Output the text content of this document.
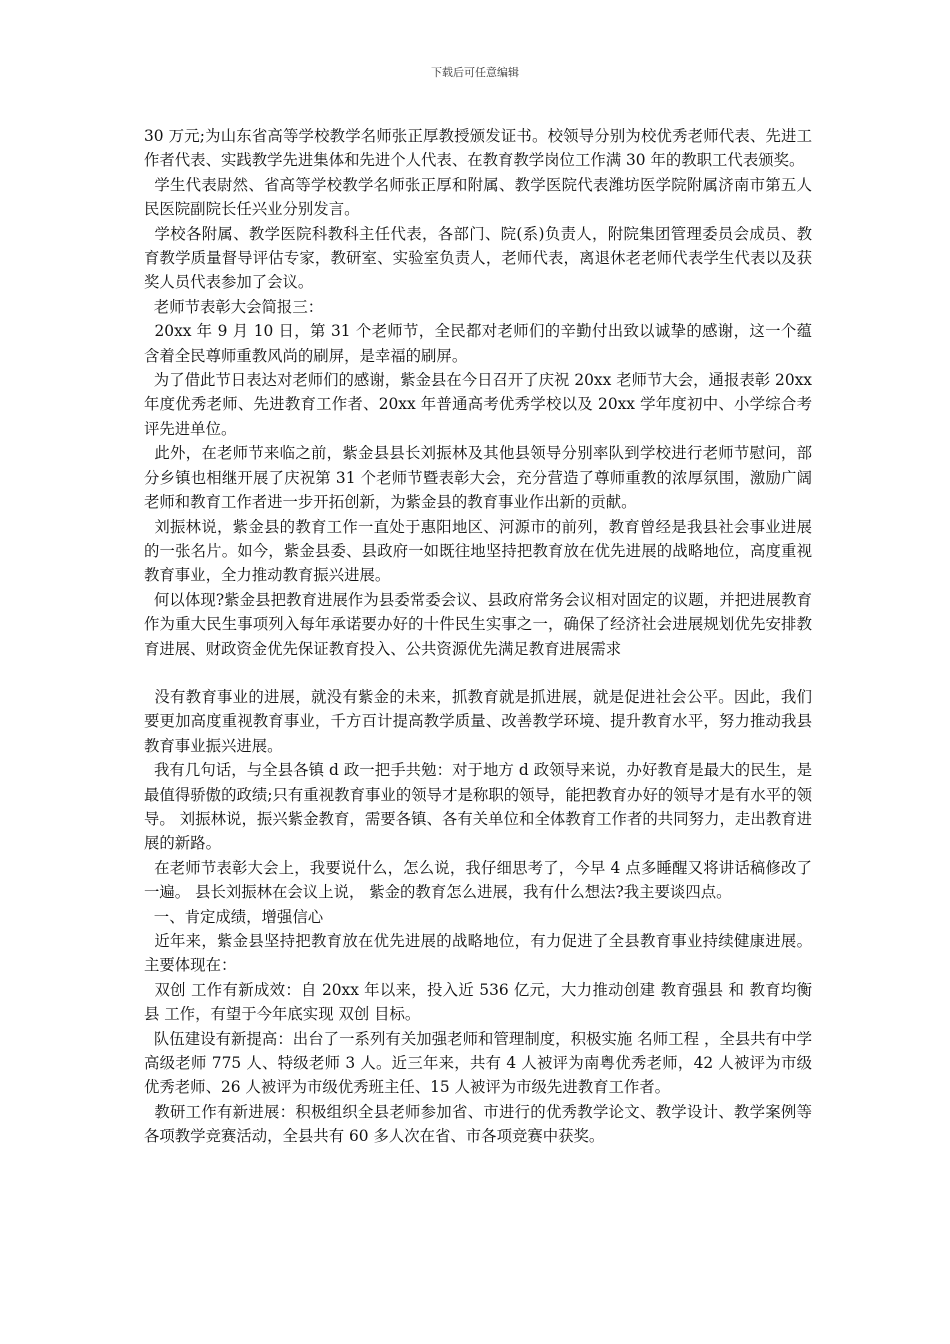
下载后可任意编辑

30 万元;为山东省高等学校教学名师张正厚教授颁发证书。校领导分别为校优秀老师代表、先进工作者代表、实践教学先进集体和先进个人代表、在教育教学岗位工作满 30 年的教职工代表颁奖。

学生代表尉然、省高等学校教学名师张正厚和附属、教学医院代表潍坊医学院附属济南市第五人民医院副院长任兴业分别发言。

学校各附属、教学医院科教科主任代表，各部门、院(系)负责人，附院集团管理委员会成员、教育教学质量督导评估专家，教研室、实验室负责人，老师代表，离退休老老师代表学生代表以及获奖人员代表参加了会议。

老师节表彰大会简报三：

20xx 年 9 月 10 日，第 31 个老师节，全民都对老师们的辛勤付出致以诚挚的感谢，这一个蕴含着全民尊师重教风尚的刷屏，是幸福的刷屏。

为了借此节日表达对老师们的感谢，紫金县在今日召开了庆祝 20xx 老师节大会，通报表彰 20xx 年度优秀老师、先进教育工作者、20xx 年普通高考优秀学校以及 20xx 学年度初中、小学综合考评先进单位。

此外，在老师节来临之前，紫金县县长刘振林及其他县领导分别率队到学校进行老师节慰问，部分乡镇也相继开展了庆祝第 31 个老师节暨表彰大会，充分营造了尊师重教的浓厚氛围，激励广阔老师和教育工作者进一步开拓创新，为紫金县的教育事业作出新的贡献。

刘振林说，紫金县的教育工作一直处于惠阳地区、河源市的前列，教育曾经是我县社会事业进展的一张名片。如今，紫金县委、县政府一如既往地坚持把教育放在优先进展的战略地位，高度重视教育事业，全力推动教育振兴进展。

何以体现?紫金县把教育进展作为县委常委会议、县政府常务会议相对固定的议题，并把进展教育作为重大民生事项列入每年承诺要办好的十件民生实事之一，确保了经济社会进展规划优先安排教育进展、财政资金优先保证教育投入、公共资源优先满足教育进展需求

没有教育事业的进展，就没有紫金的未来，抓教育就是抓进展，就是促进社会公平。因此，我们要更加高度重视教育事业，千方百计提高教学质量、改善教学环境、提升教育水平，努力推动我县教育事业振兴进展。

我有几句话，与全县各镇 d 政一把手共勉：对于地方 d 政领导来说，办好教育是最大的民生，是最值得骄傲的政绩;只有重视教育事业的领导才是称职的领导，能把教育办好的领导才是有水平的领导。 刘振林说，振兴紫金教育，需要各镇、各有关单位和全体教育工作者的共同努力，走出教育进展的新路。

在老师节表彰大会上，我要说什么，怎么说，我仔细思考了，今早 4 点多睡醒又将讲话稿修改了一遍。 县长刘振林在会议上说， 紫金的教育怎么进展，我有什么想法?我主要谈四点。

一、肯定成绩，增强信心

近年来，紫金县坚持把教育放在优先进展的战略地位，有力促进了全县教育事业持续健康进展。主要体现在：

双创 工作有新成效：自 20xx 年以来，投入近 536 亿元，大力推动创建 教育强县 和 教育均衡县 工作，有望于今年底实现 双创 目标。

队伍建设有新提高：出台了一系列有关加强老师和管理制度，积极实施 名师工程 ，全县共有中学高级老师 775 人、特级老师 3 人。近三年来，共有 4 人被评为南粤优秀老师，42 人被评为市级优秀老师、26 人被评为市级优秀班主任、15 人被评为市级先进教育工作者。

教研工作有新进展：积极组织全县老师参加省、市进行的优秀教学论文、教学设计、教学案例等各项教学竞赛活动，全县共有 60 多人次在省、市各项竞赛中获奖。
